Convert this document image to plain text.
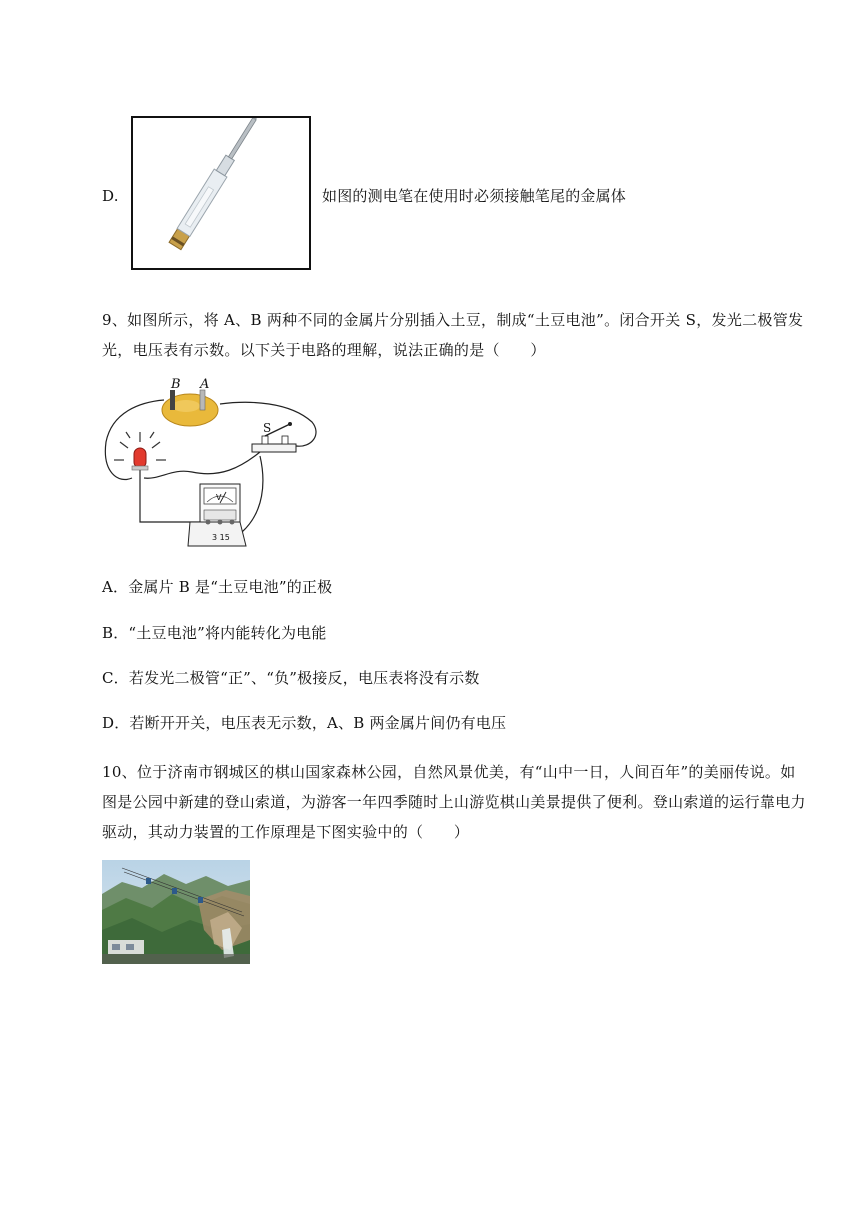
D.	如图的测电笔在使用时必须接触笔尾的金属体
9、如图所示，将 A、B 两种不同的金属片分别插入土豆，制成“土豆电池”。闭合开关 S，发光二极管发光，电压表有示数。以下关于电路的理解，说法正确的是（　　）
B A
S
V
3 15
A．金属片 B 是“土豆电池”的正极
B．“土豆电池”将内能转化为电能
C．若发光二极管“正”、“负”极接反，电压表将没有示数
D．若断开开关，电压表无示数，A、B 两金属片间仍有电压
10、位于济南市钢城区的棋山国家森林公园，自然风景优美，有“山中一日，人间百年”的美丽传说。如图是公园中新建的登山索道，为游客一年四季随时上山游览棋山美景提供了便利。登山索道的运行靠电力驱动，其动力装置的工作原理是下图实验中的（　　）
